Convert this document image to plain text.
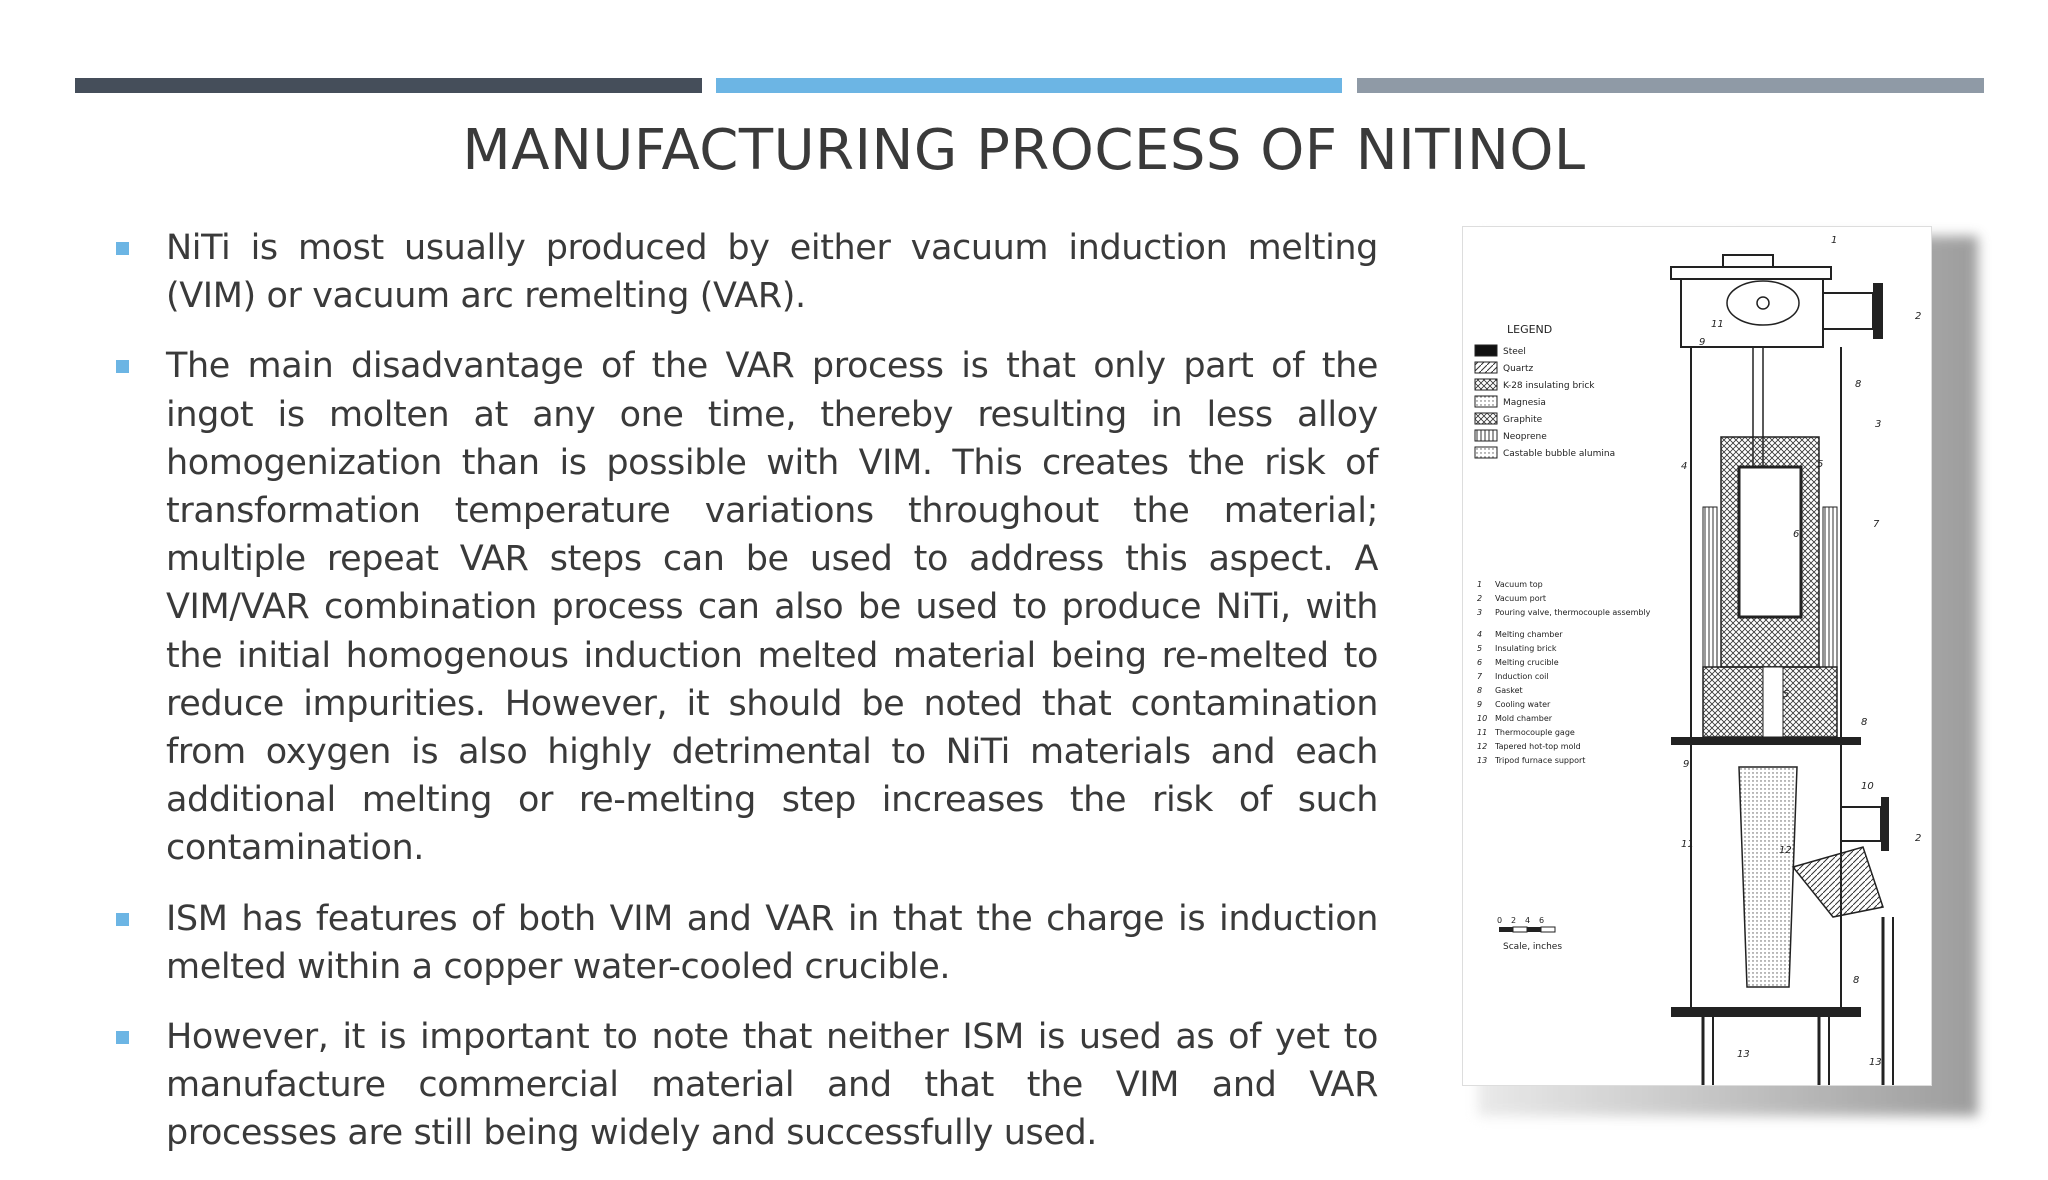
MANUFACTURING PROCESS OF NITINOL
NiTi is most usually produced by either vacuum induction melting (VIM) or vacuum arc remelting (VAR).
The main disadvantage of the VAR process is that only part of the ingot is molten at any one time, thereby resulting in less alloy homogenization than is possible with VIM. This creates the risk of transformation temperature variations throughout the material; multiple repeat VAR steps can be used to address this aspect. A VIM/VAR combination process can also be used to produce NiTi, with the initial homogenous induction melted material being re-melted to reduce impurities. However, it should be noted that contamination from oxygen is also highly detrimental to NiTi materials and each additional melting or re-melting step increases the risk of such contamination.
ISM has features of both VIM and VAR in that the charge is induction melted within a copper water-cooled crucible.
However, it is important to note that neither ISM is used as of yet to manufacture commercial material and that the VIM and VAR processes are still being widely and successfully used.
LEGEND
Steel
Quartz
K-28 insulating brick
Magnesia
Graphite
Neoprene
Castable bubble alumina
1 Vacuum top
2 Vacuum port
3 Pouring valve, thermocouple assembly
4 Melting chamber
5 Insulating brick
6 Melting crucible
7 Induction coil
8 Gasket
9 Cooling water
10 Mold chamber
11 Thermocouple gage
12 Tapered hot-top mold
13 Tripod furnace support
0 2 4 6
Scale, inches
1
2
11
9
8
3
4	5
6
7
5
8
9
10
2
11
12
8
13
13
